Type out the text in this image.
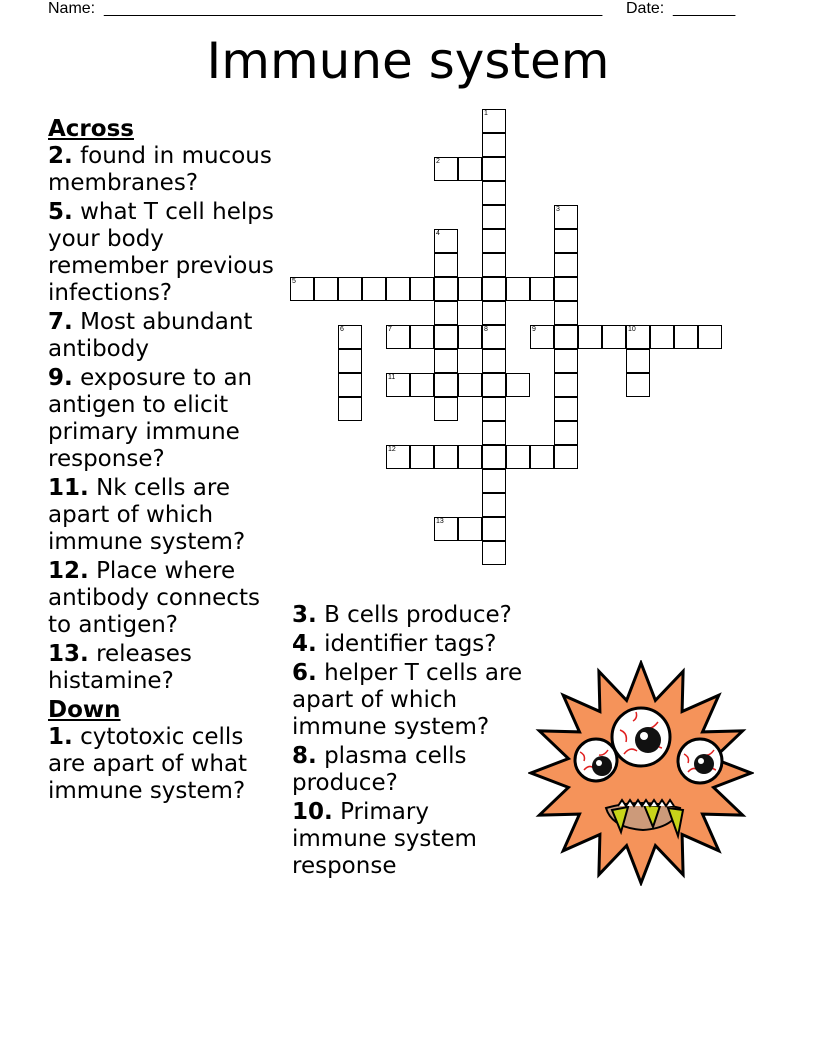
Name: ________________________________________________________ Date: _______
Immune system

Across

2. found in mucous membranes?

5. what T cell helps your body remember previous infections?

7. Most abundant antibody

9. exposure to an antigen to elicit primary immune response?

11. Nk cells are apart of which immune system?

12. Place where antibody connects to antigen?

13. releases histamine?

Down

1. cytotoxic cells are apart of what immune system?

3. B cells produce?

4. identifier tags?

6. helper T cells are apart of which immune system?

8. plasma cells produce?

10. Primary immune system response

1
8
2
3
4
5
6	7	9	10
11
12
13
